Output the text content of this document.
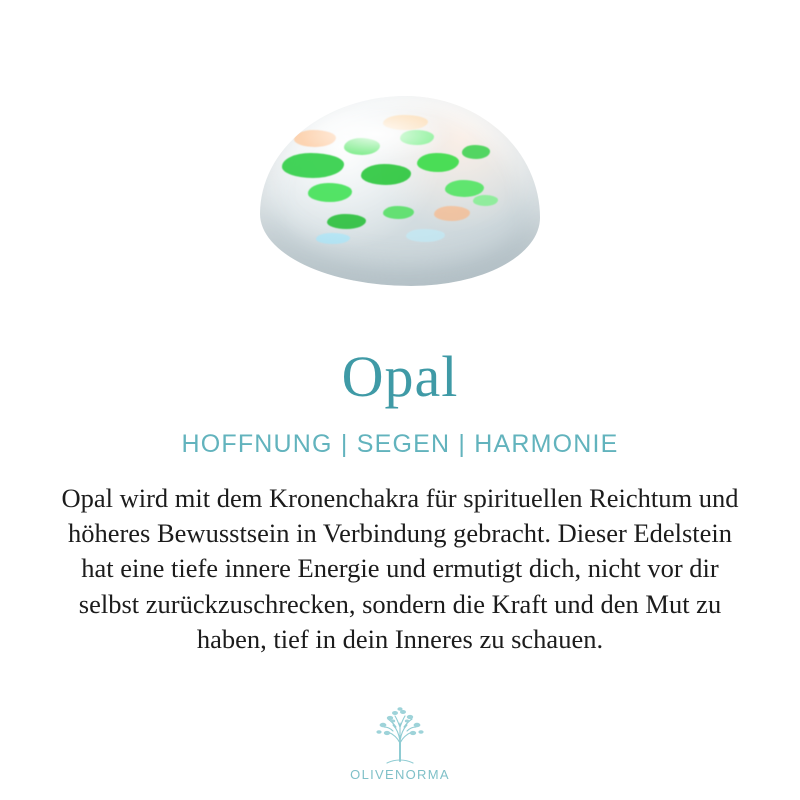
Opal
HOFFNUNG | SEGEN | HARMONIE

Opal wird mit dem Kronenchakra für spirituellen Reichtum und höheres Bewusstsein in Verbindung gebracht. Dieser Edelstein hat eine tiefe innere Energie und ermutigt dich, nicht vor dir selbst zurückzuschrecken, sondern die Kraft und den Mut zu haben, tief in dein Inneres zu schauen.

OLIVENORMA
